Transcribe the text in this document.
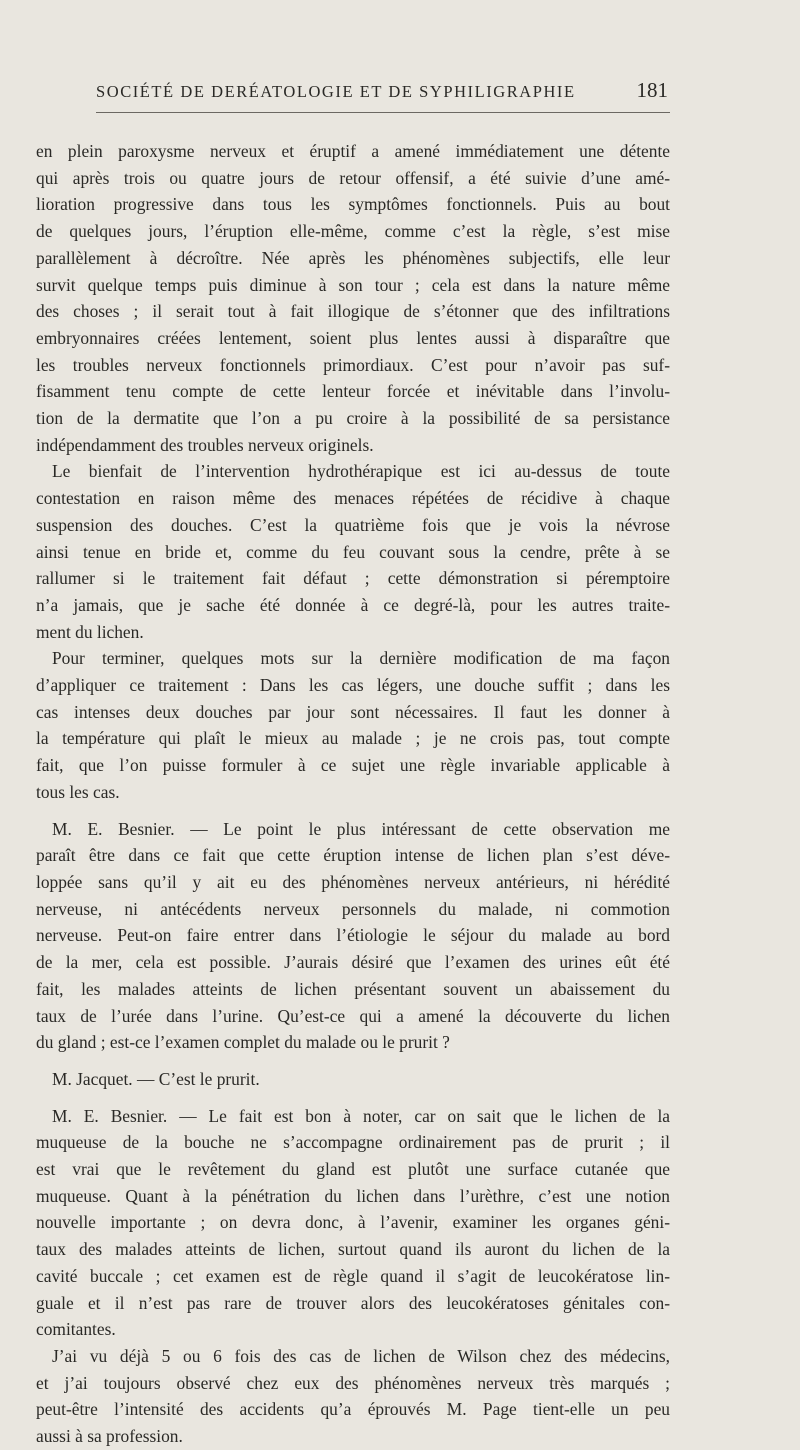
SOCIÉTÉ DE DERÉATOLOGIE ET DE SYPHILIGRAPHIE	181
en plein paroxysme nerveux et éruptif a amené immédiatement une détente
qui après trois ou quatre jours de retour offensif, a été suivie d’une amé-
lioration progressive dans tous les symptômes fonctionnels. Puis au bout
de quelques jours, l’éruption elle-même, comme c’est la règle, s’est mise
parallèlement à décroître. Née après les phénomènes subjectifs, elle leur
survit quelque temps puis diminue à son tour ; cela est dans la nature même
des choses ; il serait tout à fait illogique de s’étonner que des infiltrations
embryonnaires créées lentement, soient plus lentes aussi à disparaître que
les troubles nerveux fonctionnels primordiaux. C’est pour n’avoir pas suf-
fisamment tenu compte de cette lenteur forcée et inévitable dans l’involu-
tion de la dermatite que l’on a pu croire à la possibilité de sa persistance
indépendamment des troubles nerveux originels.
Le bienfait de l’intervention hydrothérapique est ici au-dessus de toute
contestation en raison même des menaces répétées de récidive à chaque
suspension des douches. C’est la quatrième fois que je vois la névrose
ainsi tenue en bride et, comme du feu couvant sous la cendre, prête à se
rallumer si le traitement fait défaut ; cette démonstration si péremptoire
n’a jamais, que je sache été donnée à ce degré-là, pour les autres traite-
ment du lichen.
Pour terminer, quelques mots sur la dernière modification de ma façon
d’appliquer ce traitement : Dans les cas légers, une douche suffit ; dans les
cas intenses deux douches par jour sont nécessaires. Il faut les donner à
la température qui plaît le mieux au malade ; je ne crois pas, tout compte
fait, que l’on puisse formuler à ce sujet une règle invariable applicable à
tous les cas.
M. E. Besnier. — Le point le plus intéressant de cette observation me
paraît être dans ce fait que cette éruption intense de lichen plan s’est déve-
loppée sans qu’il y ait eu des phénomènes nerveux antérieurs, ni hérédité
nerveuse, ni antécédents nerveux personnels du malade, ni commotion
nerveuse. Peut-on faire entrer dans l’étiologie le séjour du malade au bord
de la mer, cela est possible. J’aurais désiré que l’examen des urines eût été
fait, les malades atteints de lichen présentant souvent un abaissement du
taux de l’urée dans l’urine. Qu’est-ce qui a amené la découverte du lichen
du gland ; est-ce l’examen complet du malade ou le prurit ?
M. Jacquet. — C’est le prurit.
M. E. Besnier. — Le fait est bon à noter, car on sait que le lichen de la
muqueuse de la bouche ne s’accompagne ordinairement pas de prurit ; il
est vrai que le revêtement du gland est plutôt une surface cutanée que
muqueuse. Quant à la pénétration du lichen dans l’urèthre, c’est une notion
nouvelle importante ; on devra donc, à l’avenir, examiner les organes géni-
taux des malades atteints de lichen, surtout quand ils auront du lichen de la
cavité buccale ; cet examen est de règle quand il s’agit de leucokératose lin-
guale et il n’est pas rare de trouver alors des leucokératoses génitales con-
comitantes.
J’ai vu déjà 5 ou 6 fois des cas de lichen de Wilson chez des médecins,
et j’ai toujours observé chez eux des phénomènes nerveux très marqués ;
peut-être l’intensité des accidents qu’a éprouvés M. Page tient-elle un peu
aussi à sa profession.
